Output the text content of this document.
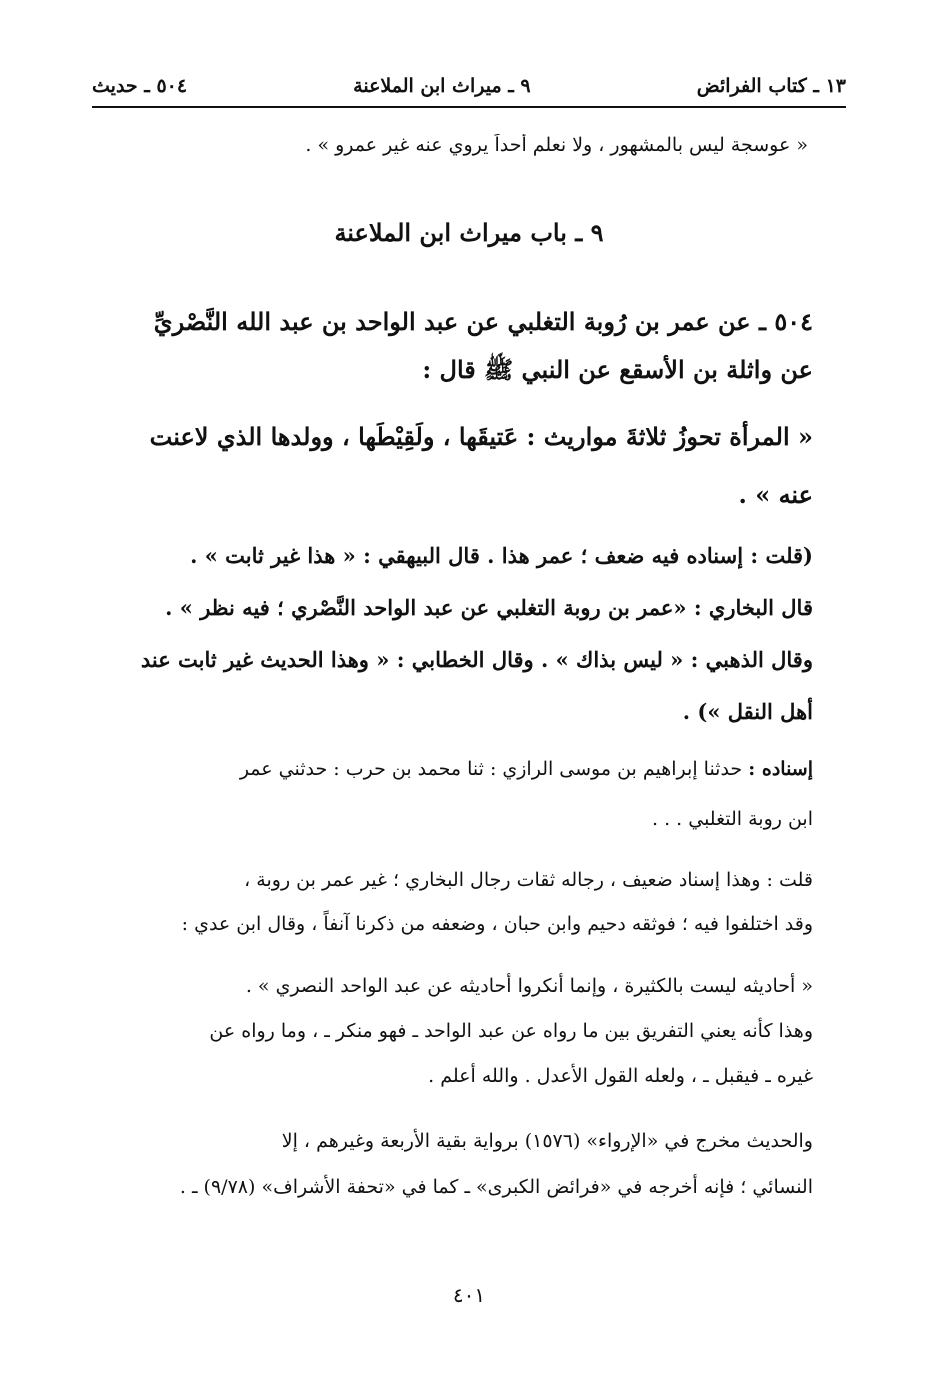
١٣ ـ كتاب الفرائض
٩ ـ ميراث ابن الملاعنة
٥٠٤ ـ حديث
« عوسجة ليس بالمشهور ، ولا نعلم أحداً يروي عنه غير عمرو » .
٩ ـ باب ميراث ابن الملاعنة
٥٠٤ ـ عن عمر بن رُوبة التغلبي عن عبد الواحد بن عبد الله النَّصْريِّ
عن واثلة بن الأسقع عن النبي ﷺ قال :
« المرأة تحوزُ ثلاثةَ مواريث : عَتيقَها ، ولَقِيْطَها ، وولدها الذي لاعنت
عنه » .
(قلت : إسناده فيه ضعف ؛ عمر هذا . قال البيهقي : « هذا غير ثابت » .
قال البخاري : «عمر بن روبة التغلبي عن عبد الواحد النَّصْري ؛ فيه نظر » .
وقال الذهبي : « ليس بذاك » . وقال الخطابي : « وهذا الحديث غير ثابت عند
أهل النقل ») .
إسناده : حدثنا إبراهيم بن موسى الرازي : ثنا محمد بن حرب : حدثني عمر
ابن روبة التغلبي . . .
قلت : وهذا إسناد ضعيف ، رجاله ثقات رجال البخاري ؛ غير عمر بن روبة ،
وقد اختلفوا فيه ؛ فوثقه دحيم وابن حبان ، وضعفه من ذكرنا آنفاً ، وقال ابن عدي :
« أحاديثه ليست بالكثيرة ، وإنما أنكروا أحاديثه عن عبد الواحد النصري » .
وهذا كأنه يعني التفريق بين ما رواه عن عبد الواحد ـ فهو منكر ـ ، وما رواه عن
غيره ـ فيقبل ـ ، ولعله القول الأعدل . والله أعلم .
والحديث مخرج في «الإرواء» (١٥٧٦) برواية بقية الأربعة وغيرهم ، إلا
النسائي ؛ فإنه أخرجه في «فرائض الكبرى» ـ كما في «تحفة الأشراف» (٩/٧٨) ـ .
٤٠١
